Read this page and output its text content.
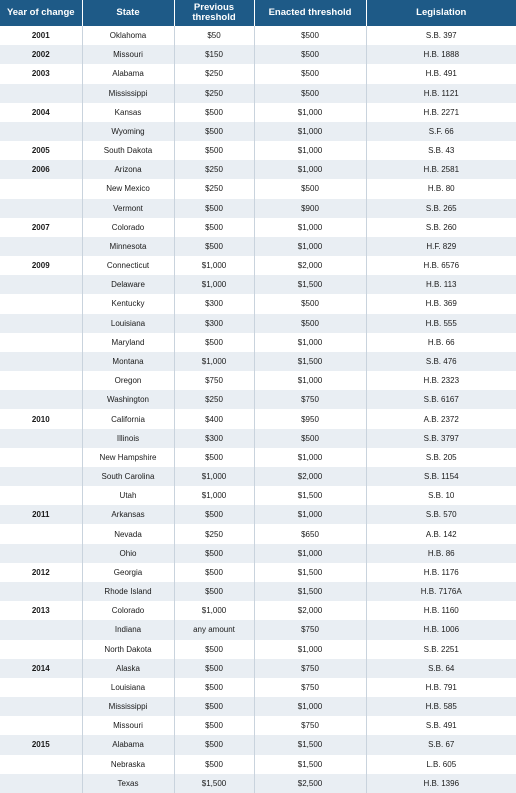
Year of change	State	Previous threshold	Enacted threshold	Legislation
2001	Oklahoma	$50	$500	S.B. 397
2002	Missouri	$150	$500	H.B. 1888
2003	Alabama	$250	$500	H.B. 491
	Mississippi	$250	$500	H.B. 1121
2004	Kansas	$500	$1,000	H.B. 2271
	Wyoming	$500	$1,000	S.F. 66
2005	South Dakota	$500	$1,000	S.B. 43
2006	Arizona	$250	$1,000	H.B. 2581
	New Mexico	$250	$500	H.B. 80
	Vermont	$500	$900	S.B. 265
2007	Colorado	$500	$1,000	S.B. 260
	Minnesota	$500	$1,000	H.F. 829
2009	Connecticut	$1,000	$2,000	H.B. 6576
	Delaware	$1,000	$1,500	H.B. 113
	Kentucky	$300	$500	H.B. 369
	Louisiana	$300	$500	H.B. 555
	Maryland	$500	$1,000	H.B. 66
	Montana	$1,000	$1,500	S.B. 476
	Oregon	$750	$1,000	H.B. 2323
	Washington	$250	$750	S.B. 6167
2010	California	$400	$950	A.B. 2372
	Illinois	$300	$500	S.B. 3797
	New Hampshire	$500	$1,000	S.B. 205
	South Carolina	$1,000	$2,000	S.B. 1154
	Utah	$1,000	$1,500	S.B. 10
2011	Arkansas	$500	$1,000	S.B. 570
	Nevada	$250	$650	A.B. 142
	Ohio	$500	$1,000	H.B. 86
2012	Georgia	$500	$1,500	H.B. 1176
	Rhode Island	$500	$1,500	H.B. 7176A
2013	Colorado	$1,000	$2,000	H.B. 1160
	Indiana	any amount	$750	H.B. 1006
	North Dakota	$500	$1,000	S.B. 2251
2014	Alaska	$500	$750	S.B. 64
	Louisiana	$500	$750	H.B. 791
	Mississippi	$500	$1,000	H.B. 585
	Missouri	$500	$750	S.B. 491
2015	Alabama	$500	$1,500	S.B. 67
	Nebraska	$500	$1,500	L.B. 605
	Texas	$1,500	$2,500	H.B. 1396
